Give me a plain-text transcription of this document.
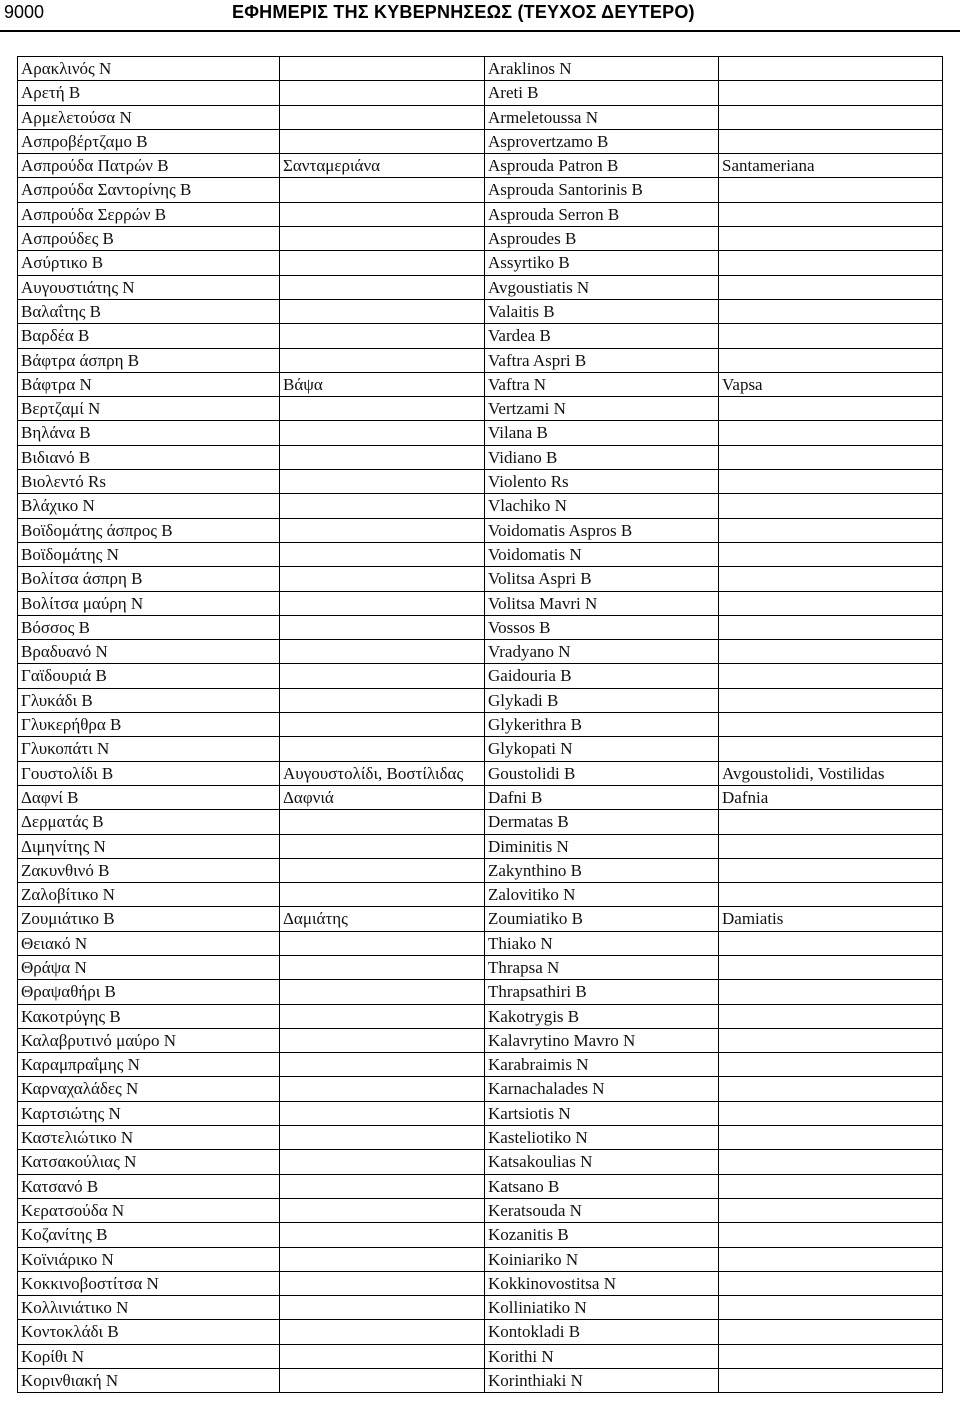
9000	ΕΦΗΜΕΡΙΣ ΤΗΣ ΚΥΒΕΡΝΗΣΕΩΣ (ΤΕΥΧΟΣ ΔΕΥΤΕΡΟ)
Αρακλινός Ν		Araklinos N	
Αρετή Β		Areti B	
Αρμελετούσα Ν		Armeletoussa N	
Ασπροβέρτζαμο Β		Asprovertzamo B	
Ασπρούδα Πατρών Β	Σανταμεριάνα	Asprouda Patron B	Santameriana
Ασπρούδα Σαντορίνης Β		Asprouda Santorinis B	
Ασπρούδα Σερρών Β		Asprouda Serron B	
Ασπρούδες Β		Asproudes B	
Ασύρτικο Β		Assyrtiko B	
Αυγουστιάτης Ν		Avgoustiatis N	
Βαλαΐτης Β		Valaitis B	
Βαρδέα Β		Vardea B	
Βάφτρα άσπρη Β		Vaftra Aspri B	
Βάφτρα Ν	Βάψα	Vaftra N	Vapsa
Βερτζαμί Ν		Vertzami N	
Βηλάνα Β		Vilana B	
Βιδιανό Β		Vidiano B	
Βιολεντό Rs		Violento Rs	
Βλάχικο Ν		Vlachiko N	
Βοϊδομάτης άσπρος Β		Voidomatis Aspros B	
Βοϊδομάτης Ν		Voidomatis N	
Βολίτσα άσπρη Β		Volitsa Aspri B	
Βολίτσα μαύρη Ν		Volitsa Mavri N	
Βόσσος Β		Vossos B	
Βραδυανό Ν		Vradyano N	
Γαϊδουριά Β		Gaidouria B	
Γλυκάδι Β		Glykadi B	
Γλυκερήθρα Β		Glykerithra B	
Γλυκοπάτι Ν		Glykopati N	
Γουστολίδι Β	Αυγουστολίδι, Βοστίλιδας	Goustolidi B	Avgoustolidi, Vostilidas
Δαφνί Β	Δαφνιά	Dafni B	Dafnia
Δερματάς Β		Dermatas B	
Διμηνίτης Ν		Diminitis N	
Ζακυνθινό Β		Zakynthino B	
Ζαλοβίτικο Ν		Zalovitiko N	
Ζουμιάτικο Β	Δαμιάτης	Zoumiatiko B	Damiatis
Θειακό Ν		Thiako N	
Θράψα Ν		Thrapsa N	
Θραψαθήρι Β		Thrapsathiri B	
Κακοτρύγης Β		Kakotrygis B	
Καλαβρυτινό μαύρο Ν		Kalavrytino Mavro N	
Καραμπραΐμης Ν		Karabraimis N	
Καρναχαλάδες Ν		Karnachalades N	
Καρτσιώτης Ν		Kartsiotis N	
Καστελιώτικο Ν		Kasteliotiko N	
Κατσακούλιας Ν		Katsakoulias N	
Κατσανό Β		Katsano B	
Κερατσούδα Ν		Keratsouda N	
Κοζανίτης Β		Kozanitis B	
Κοϊνιάρικο Ν		Koiniariko N	
Κοκκινοβοστίτσα Ν		Kokkinovostitsa N	
Κολλινιάτικο Ν		Kolliniatiko N	
Κοντοκλάδι Β		Kontokladi B	
Κορίθι Ν		Korithi N	
Κορινθιακή Ν		Korinthiaki N	
